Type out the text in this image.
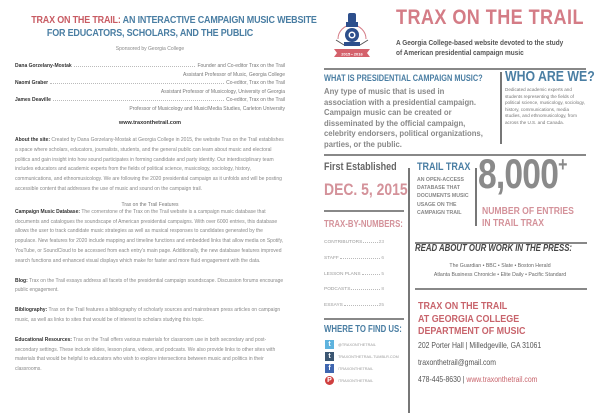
TRAX ON THE TRAIL: AN INTERACTIVE CAMPAIGN MUSIC WEBSITE
FOR EDUCATORS, SCHOLARS, AND THE PUBLIC
Sponsored by Georgia College
Dana Gorzelany-Mostak	Founder and Co-editor Trax on the Trail
Assistant Professor of Music, Georgia College
Naomi Graber	Co-editor, Trax on the Trail
Assistant Professor of Musicology, University of Georgia
James Deaville	Co-editor, Trax on the Trail
Professor of Musicology and Music/Media Studies, Carleton University
www.traxonthetrail.com

About the site: Created by Dana Gorzelany-Mostak at Georgia College in 2015, the website Trax on the Trail establishes a space where scholars, educators, journalists, students, and the general public can learn about music and electoral politics and gain insight into how sound participates in forming candidate and party identity. Our interdisciplinary team includes educators and academic experts from the fields of political science, musicology, sociology, history, communications, and ethnomusicology. We are following the 2020 presidential campaign as it unfolds and will be posting accessible content that addresses the use of music and sound on the campaign trail.

Trax on the Trail Features

Campaign Music Database: The cornerstone of the Trax on the Trail website is a campaign music database that documents and catalogues the soundscape of American presidential campaigns. With over 6000 entries, this database allows the user to track candidate music strategies as well as musical responses to candidates generated by the populace. New features for 2020 include mapping and timeline functions and embedded links that allow media on Spotify, YouTube, or SoundCloud to be accessed from each entry's main page. Additionally, the new database features improved search functions and enhanced visual displays which make for faster and more fluid engagement with the data.

Blog: Trax on the Trail essays address all facets of the presidential campaign soundscape. Discussion forums encourage public engagement.

Bibliography: Trax on the Trail features a bibliography of scholarly sources and mainstream press articles on campaign music, as well as links to sites that would be of interest to scholars studying this topic.

Educational Resources: Trax on the Trail offers various materials for classroom use in both secondary and post-secondary settings. These include slides, lesson plans, videos, and podcasts. We also provide links to other sites with materials that would be helpful to educators who wish to explore intersections between music and politics in their classrooms.

2015 • 2016
TRAX ON THE TRAIL
A Georgia College-based website devoted to the study of American presidential campaign music
WHAT IS PRESIDENTIAL CAMPAIGN MUSIC?
Any type of music that is used in association with a presidential campaign. Campaign music can be created or disseminated by the official campaign, celebrity endorsers, political organizations, parties, or the public.
WHO ARE WE?
Dedicated academic experts and students representing the fields of political science, musicology, sociology, history, communications, media studies, and ethnomusicology, from across the U.S. and Canada.
First Established
DEC. 5, 2015
TRAX-BY-NUMBERS:
CONTRIBUTORS	23
STAFF	6
LESSON PLANS	5
PODCASTS	8
ESSAYS	25
TRAIL TRAX
AN OPEN-ACCESS DATABASE THAT DOCUMENTS MUSIC USAGE ON THE CAMPAIGN TRAIL
8,000+
NUMBER OF ENTRIES
IN TRAIL TRAX
READ ABOUT OUR WORK IN THE PRESS:
The Guardian • BBC • Slate • Boston Herald
Atlanta Business Chronicle • Elite Daily • Pacific Standard
WHERE TO FIND US:
t	@TRAXONTHETRAIL
t	TRAXONTHETRAIL.TUMBLR.COM
f	/TRAXONTHETRAIL
P	/TRAXONTHETRAIL
TRAX ON THE TRAIL
AT GEORGIA COLLEGE
DEPARTMENT OF MUSIC
202 Porter Hall | Milledgeville, GA 31061
traxonthetrail@gmail.com
478-445-8630 | www.traxonthetrail.com
